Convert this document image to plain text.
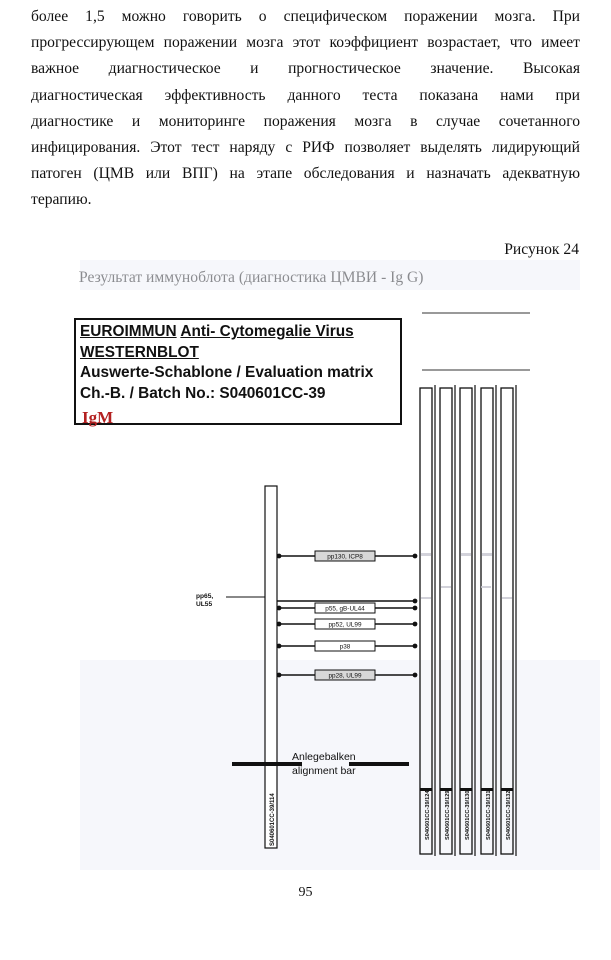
более 1,5 можно говорить о специфическом поражении мозга. При
прогрессирующем поражении мозга этот коэффициент возрастает, что имеет
важное диагностическое и прогностическое значение. Высокая
диагностическая эффективность данного теста показана нами при
диагностике и мониторинге поражения мозга в случае сочетанного
инфицирования. Этот тест наряду с РИФ позволяет выделять лидирующий
патоген (ЦМВ или ВПГ) на этапе обследования и назначать адекватную
терапию.
Рисунок 24
EUROIMMUN Anti- Cytomegalie Virus
WESTERNBLOT
Auswerte-Schablone / Evaluation matrix
Ch.-B. / Batch No.: S040601CC-39
IgM
S040601CC-39/114
pp130, ICP8
p55, gB-UL44
pp52, UL99
p38
pp28, UL99
pp65,
UL55
Anlegebalken
alignment bar
S040601CC-39/124	S040601CC-39/129	S040601CC-39/130	S040601CC-39/131	S040601CC-39/132
95
